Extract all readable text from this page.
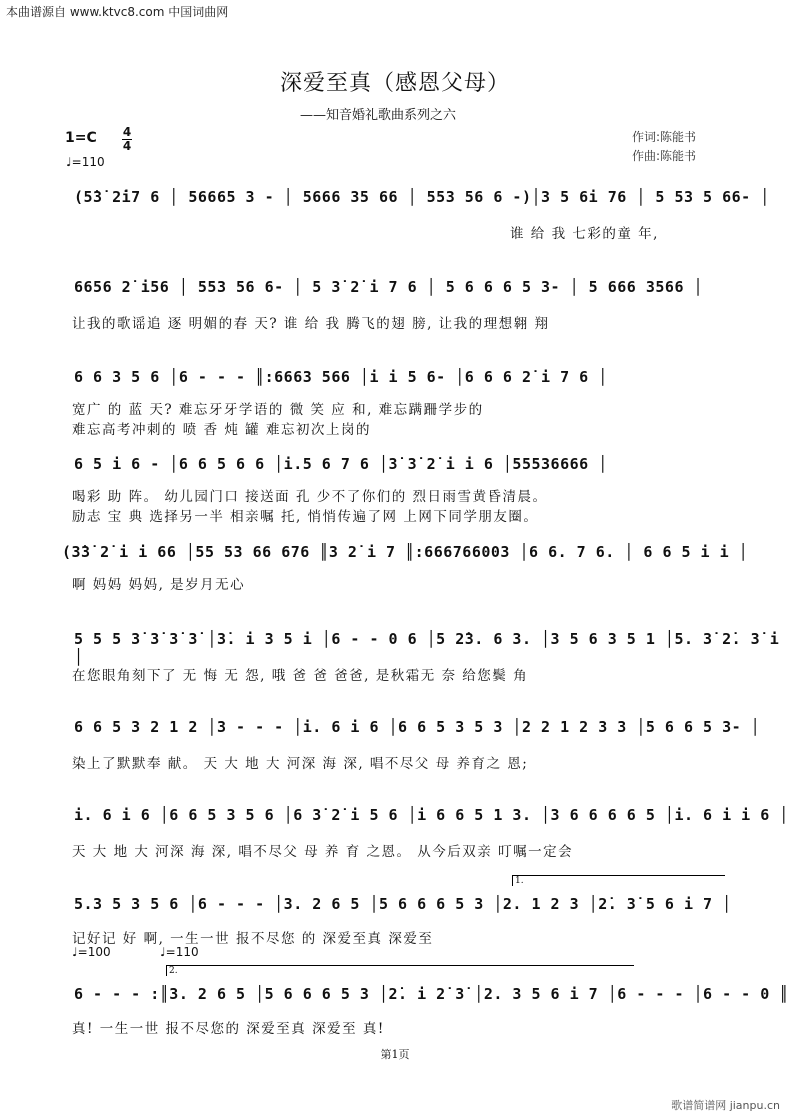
本曲谱源自 www.ktvc8.com 中国词曲网
深爱至真（感恩父母）
——知音婚礼歌曲系列之六
1=C 4
4
♩=110
作词:陈能书
作曲:陈能书
(5̇3̇ 2̇i7 6 │ 56665 3 - │ 5666 35 66 │ 553 56 6 -)│3 5 6i 76 │ 5 53 5 66- │
谁 给 我 七彩的童 年,
6656 2̇ i56 │ 553 56 6- │ 5 3̇ 2̇ i 7 6 │ 5 6 6 6 5 3- │ 5 666 3566 │
让我的歌谣追 逐 明媚的春 天? 谁 给 我 腾飞的翅 膀, 让我的理想翱 翔
6 6 3 5 6 │6 - - - ║:6663 566 │i i 5 6- │6 6 6 2̇ i 7 6 │
宽广 的 蓝 天? 难忘牙牙学语的 微 笑 应 和, 难忘蹒跚学步的
难忘高考冲刺的 喷 香 炖 罐 难忘初次上岗的
6 5 i 6 - │6 6 5 6 6 │i.5 6 7 6 │3̇ 3̇ 2̇ i i 6 │55536666 │
喝彩 助 阵。 幼儿园门口 接送面 孔 少不了你们的 烈日雨雪黄昏清晨。
励志 宝 典 选择另一半 相亲嘱 托, 悄悄传遍了网 上网下同学朋友圈。
(3̇3̇ 2̇ i i 66 │55 53 66 676 ║3 2̇ i 7 ║:666766003 │6 6. 7 6. │ 6 6 5 i i │
啊 妈妈 妈妈, 是岁月无心
5 5 5 3̇ 3̇ 3̇ 3̇ │3̇. i 3 5 i │6 - - 0 6 │5 2̇3. 6 3. │3 5 6 3 5 1 │5. 3̇ 2̇. 3̇ i │
在您眼角刻下了 无 悔 无 怨, 哦 爸 爸 爸爸, 是秋霜无 奈 给您鬓 角
6 6 5 3 2 1 2 │3 - - - │i. 6 i 6 │6 6 5 3 5 3 │2 2 1 2 3 3 │5 6 6 5 3- │
染上了默默奉 献。 天 大 地 大 河深 海 深, 唱不尽父 母 养育之 恩;
i. 6 i 6 │6 6 5 3 5 6 │6 3̇ 2̇ i 5 6 │i 6 6 5 1 3. │3 6 6 6 6 5 │i. 6 i i 6 │
天 大 地 大 河深 海 深, 唱不尽父 母 养 育 之恩。 从今后双亲 叮嘱一定会
1.
5.3 5 3 5 6 │6 - - - │3. 2 6 5 │5 6 6 6 5 3 │2. 1 2 3 │2̇. 3̇ 5 6 i 7 │
记好记 好 啊, 一生一世 报不尽您 的 深爱至真 深爱至
♩=100	♩=110
2.
6 - - - :║3. 2 6 5 │5 6 6 6 5 3 │2̇. i 2̇ 3̇ │2. 3 5 6 i 7 │6 - - - │6 - - 0 ║
真! 一生一世 报不尽您的 深爱至真 深爱至 真!
第1页
歌谱简谱网 jianpu.cn
